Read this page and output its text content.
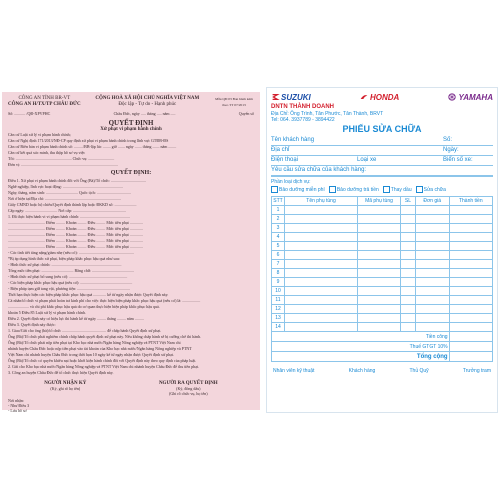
CÔNG AN TỈNH BR-VT
CÔNG AN H/TX/TP CHÂU ĐỨC
CỘNG HOÀ XÃ HỘI CHỦ NGHĨA VIỆT NAM
Độc lập - Tự do - Hạnh phúc
Mẫu QĐ 03 Ban hành kèm theo TT 07/2013
Số: ........... /QĐ-XPVPHC	Châu Đức, ngày ..... tháng ..... năm .....	Quyển số
QUYẾT ĐỊNH
Xử phạt vi phạm hành chính
Căn cứ Luật xử lý vi phạm hành chính;
Căn cứ Nghị định 171/2013/NĐ-CP quy định xử phạt vi phạm hành chính trong lĩnh vực GTĐB-ĐS
Căn cứ Biên bản vi phạm hành chính số: ........./BB-lập lúc ........ giờ ....... ngày ....... tháng ....... năm ........
Căn cứ kết quả xác minh, thu thập hồ sơ vụ việc
Tôi: ........................................................ Chức vụ: ..........................
Đơn vị: .................................................................................................
QUYẾT ĐỊNH:
Điều 1. Xử phạt vi phạm hành chính đối với Ông (Bà)/Tổ chức: ...................................
Nghề nghiệp, lĩnh vực hoạt động: ............................................................
Ngày, tháng, năm sinh: ................................ Quốc tịch: ..................................
Nơi ở hiện tại/Địa chỉ: ............................................................................
Giấy CMND hoặc hộ chiếu/Quyết định thành lập hoặc ĐKKD số: ......................
Cấp ngày: ................................ Nơi cấp: .....................................................
1. Đã thực hiện hành vi vi phạm hành chính: ..................................................
..................................... Điểm ......... Khoản ......... Điều ......... Mức tiền phạt .............
..................................... Điểm ......... Khoản ......... Điều ......... Mức tiền phạt .............
..................................... Điểm ......... Khoản ......... Điều ......... Mức tiền phạt .............
..................................... Điểm ......... Khoản ......... Điều ......... Mức tiền phạt .............
..................................... Điểm ......... Khoản ......... Điều ......... Mức tiền phạt .............
- Các tình tiết tăng nặng/giảm nhẹ (nếu có): .......................................................
*Bị áp dụng hình thức xử phạt, biện pháp khắc phục hậu quả như sau:
- Hình thức xử phạt chính: ......................................................................
Tổng mức tiền phạt: ................................ Bằng chữ: ..........................................
- Hình thức xử phạt bổ sung (nếu có): ..........................................................
- Các biện pháp khắc phục hậu quả (nếu có): ....................................................
- Biện pháp tạm giữ tang vật, phương tiện: .....................................................
Thời hạn thực hiện các biện pháp khắc phục hậu quả ............. kể từ ngày nhận được Quyết định này.
Cá nhân/tổ chức vi phạm phải hoàn trả kinh phí cho việc thực hiện biện pháp khắc phục hậu quả (nếu có) là: ..................
..................... và chi phí khắc phục hậu quả do cơ quan thực hiện biện pháp khắc phục hậu quả.
khoản 5 Điều 85 Luật xử lý vi phạm hành chính.
Điều 2. Quyết định này có hiệu lực thi hành kể từ ngày ......... tháng ......... năm .........
Điều 3. Quyết định này được:
1. Giao/Gửi cho ông (bà)/tổ chức ............................................ để chấp hành Quyết định xử phạt.
Ông (Bà)/Tổ chức phải nghiêm chỉnh chấp hành quyết định xử phạt này. Nếu không chấp hành sẽ bị cưỡng chế thi hành.
Ông (Bà)/Tổ chức phải nộp tiền phạt tại Kho bạc nhà nước/Ngân hàng Nông nghiệp và PTNT Việt Nam chi
nhánh huyện Châu Đức hoặc nộp tiền phạt vào tài khoản của Kho bạc nhà nước/Ngân hàng Nông nghiệp và PTNT
Việt Nam chi nhánh huyện Châu Đức trong thời hạn 10 ngày kể từ ngày nhận được Quyết định xử phạt.
Ông (Bà)/Tổ chức có quyền khiếu nại hoặc khởi kiện hành chính đối với Quyết định này theo quy định của pháp luật.
2. Gửi cho Kho bạc nhà nước/Ngân hàng Nông nghiệp và PTNT Việt Nam chi nhánh huyện Châu Đức để thu tiền phạt.
3. Công an huyện Châu Đức để tổ chức thực hiện Quyết định này.
NGƯỜI NHẬN KÝ
(Ký, ghi rõ họ tên)
NGƯỜI RA QUYẾT ĐỊNH
(Ký, đóng dấu)
(Ghi rõ chức vụ, họ tên)
Nơi nhận:
- Như Điều 3
- Lưu hồ sơ
SUZUKI	HONDA	YAMAHA
DNTN THÀNH DOANH
Địa Chỉ: Ông Trình, Tân Phước, Tân Thành, BRVT
Tel: 064. 3937789 - 3894422
PHIẾU SỬA CHỮA
Tên khách hàng	Số:
Địa chỉ	Ngày:
Điện thoại	Loại xe	Biển số xe:
Yêu cầu sửa chữa của khách hàng:
Phần loại dịch vụ:
Bảo dưỡng miễn phí	Bảo dưỡng trả tiền	Thay dầu	Sửa chữa
STT	Tên phụ tùng	Mã phụ tùng	SL	Đơn giá	Thành tiền
1					
2					
3					
4					
5					
6					
7					
8					
9					
10					
11					
12					
13					
14					
Tiền công					
Thuế GTGT 10%					
Tổng cộng					
Nhân viên kỹ thuật	Khách hàng	Thủ Quỹ	Trưởng tram
